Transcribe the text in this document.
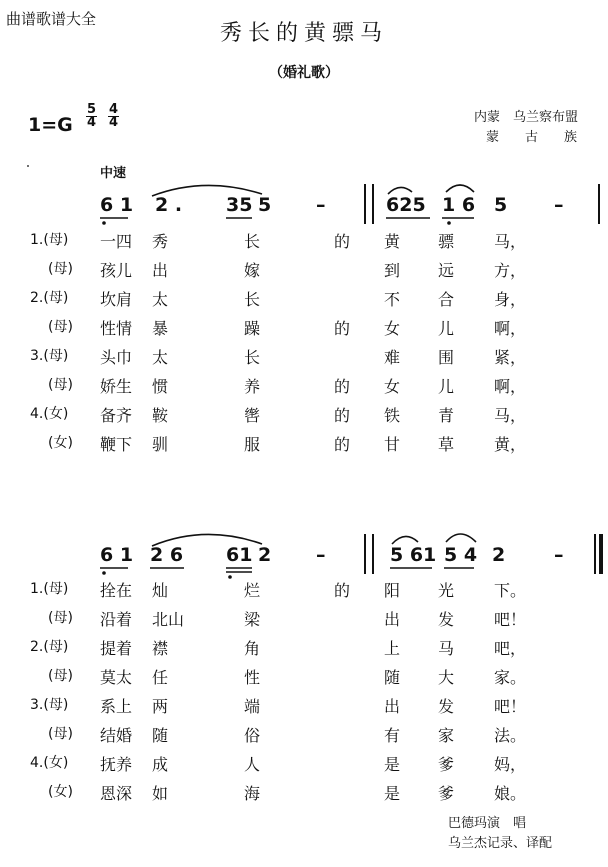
曲谱歌谱大全
秀长的黄骠马
（婚礼歌）
$1=G \frac{5}{4} \frac{4}{4}$	内蒙　乌兰察布盟
蒙　　古　　族
中速
6 1 2 . 35 5 –	625 1 6 5 –
6 1 2 6 61 2 –	5 61 5 4 2	–
1.(母) 一四 秀	长	的 黄 骠 马，
(母) 孩儿 出	嫁	到 远 方，
2.(母) 坎肩 太	长	不 合 身，
(母) 性情 暴	躁	的 女 儿 啊，
3.(母) 头巾 太	长	难 围 紧，
(母) 娇生 惯	养	的 女 儿 啊，
4.(女) 备齐 鞍	辔	的 铁 青 马，
(女) 鞭下 驯	服	的 甘 草 黄，
1.(母) 拴在 灿	烂	的 阳 光 下。
(母) 沿着 北山	梁	出 发 吧！
2.(母) 提着 襟	角	上 马 吧，
(母) 莫太 任	性	随 大 家。
3.(母) 系上 两	端	出 发 吧！
(母) 结婚 随	俗	有 家 法。
4.(女) 抚养 成	人	是 爹 妈，
(女) 恩深 如	海	是 爹 娘。
巴德玛演　唱
乌兰杰记录、译配
